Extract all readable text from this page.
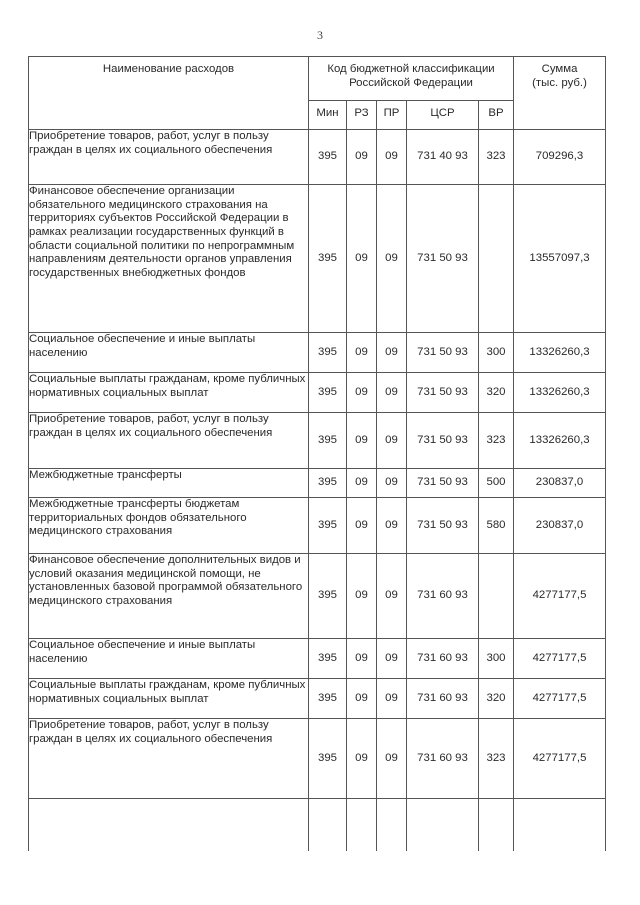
3
Наименование расходов	Код бюджетной классификации Российской Федерации					Сумма (тыс. руб.)
	Мин	РЗ	ПР	ЦСР	ВР	
Приобретение товаров, работ, услуг в пользу граждан в целях их социального обеспечения	395	09	09	731 40 93	323	709296,3
Финансовое обеспечение организации обязательного медицинского страхования на территориях субъектов Российской Федерации в рамках реализации государственных функций в области социальной политики по непрограммным направлениям деятельности органов управления государственных внебюджетных фондов	395	09	09	731 50 93		13557097,3
Социальное обеспечение и иные выплаты населению	395	09	09	731 50 93	300	13326260,3
Социальные выплаты гражданам, кроме публичных нормативных социальных выплат	395	09	09	731 50 93	320	13326260,3
Приобретение товаров, работ, услуг в пользу граждан в целях их социального обеспечения	395	09	09	731 50 93	323	13326260,3
Межбюджетные трансферты	395	09	09	731 50 93	500	230837,0
Межбюджетные трансферты бюджетам территориальных фондов обязательного медицинского страхования	395	09	09	731 50 93	580	230837,0
Финансовое обеспечение дополнительных видов и условий оказания медицинской помощи, не установленных базовой программой обязательного медицинского страхования	395	09	09	731 60 93		4277177,5
Социальное обеспечение и иные выплаты населению	395	09	09	731 60 93	300	4277177,5
Социальные выплаты гражданам, кроме публичных нормативных социальных выплат	395	09	09	731 60 93	320	4277177,5
Приобретение товаров, работ, услуг в пользу граждан в целях их социального обеспечения	395	09	09	731 60 93	323	4277177,5
